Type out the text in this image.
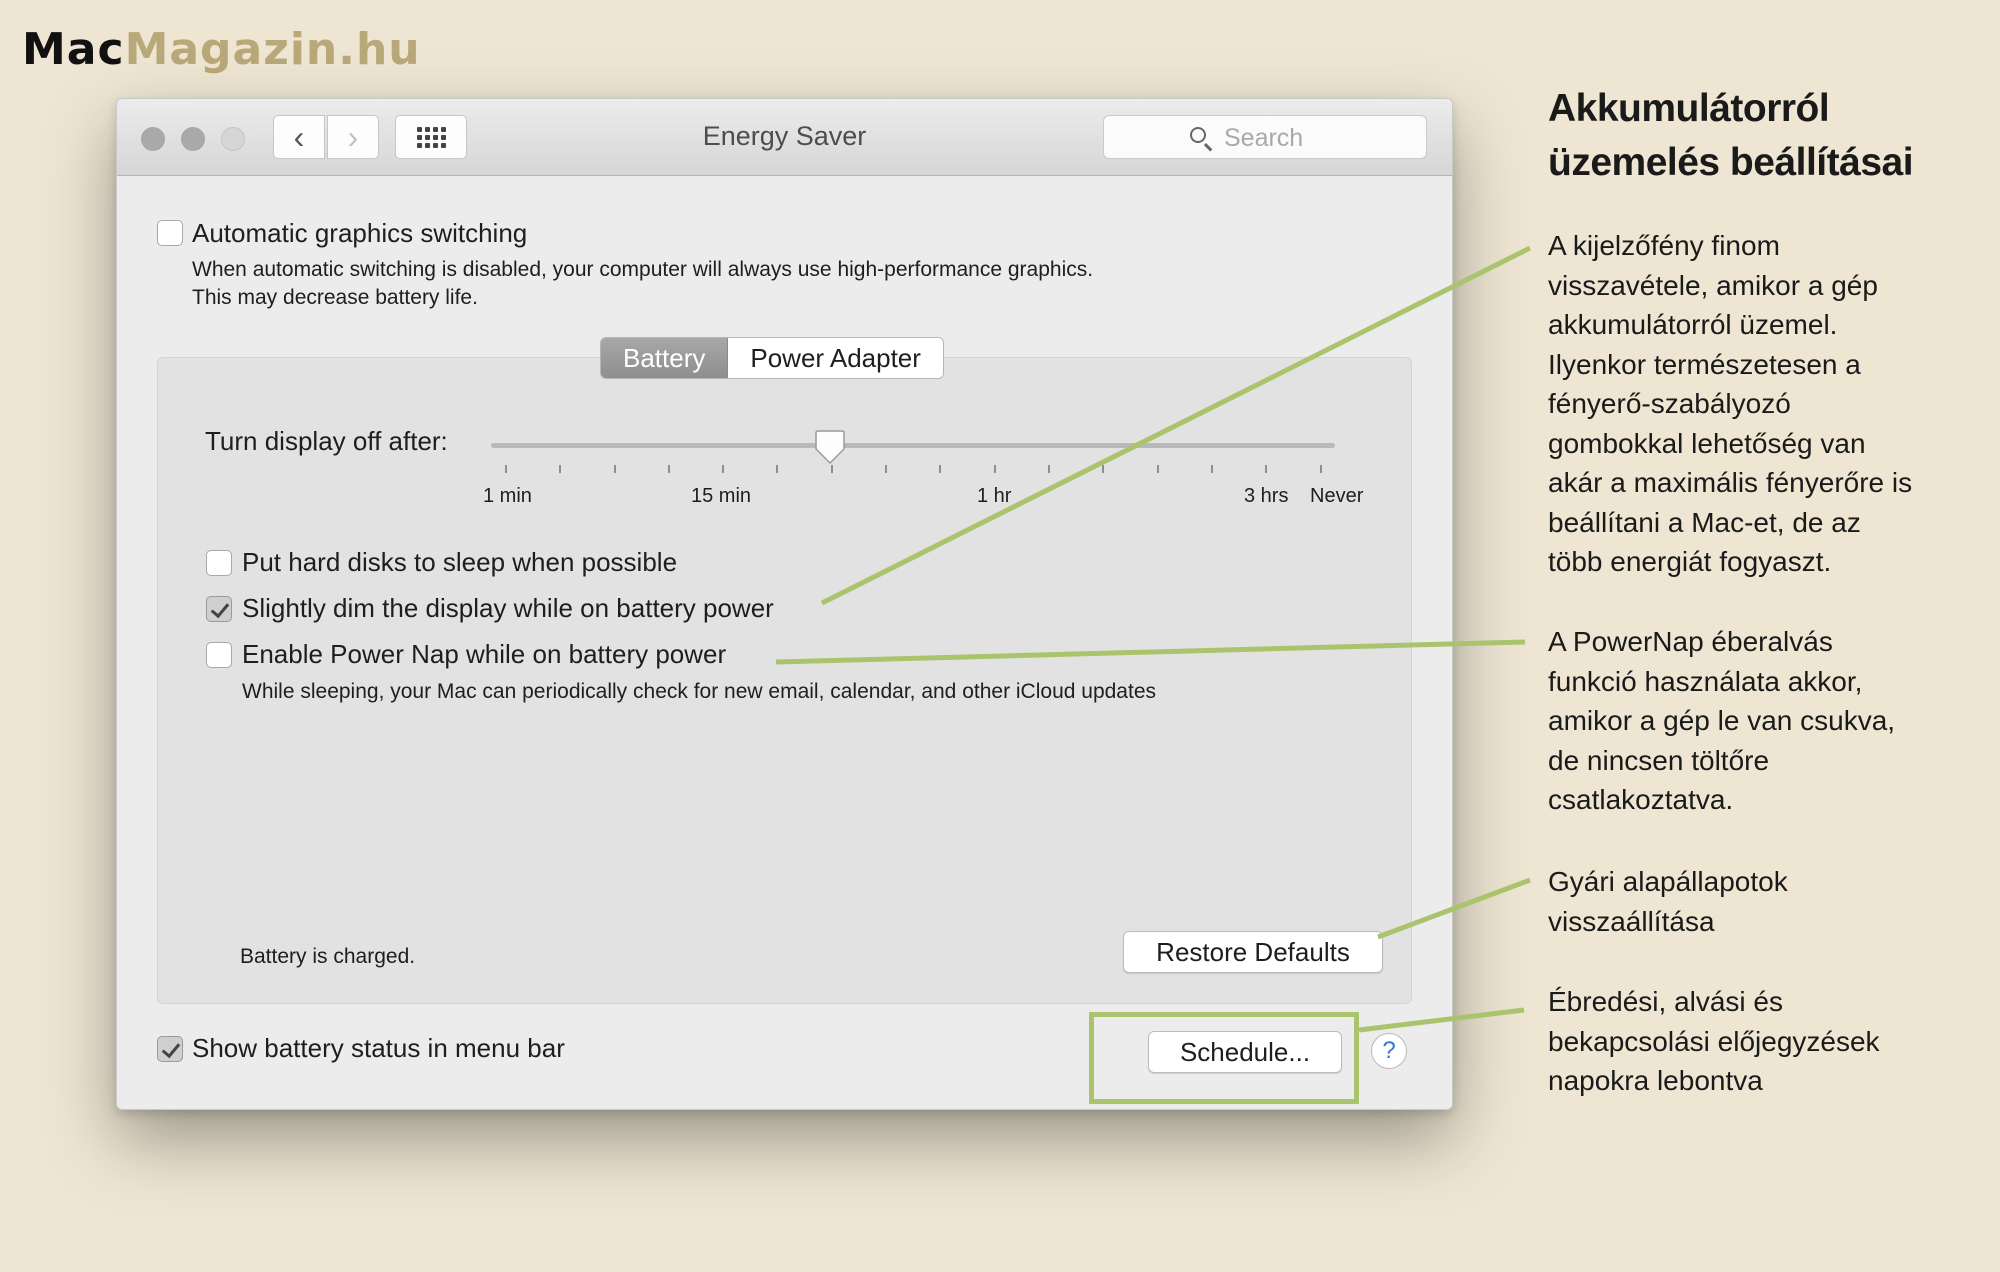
MacMagazin.hu
‹ ›	Energy Saver	Search
Automatic graphics switching
When automatic switching is disabled, your computer will always use high-performance graphics.
This may decrease battery life.
Battery	Power Adapter
Turn display off after:
1 min	15 min	1 hr	3 hrs Never
Put hard disks to sleep when possible
Slightly dim the display while on battery power
Enable Power Nap while on battery power
While sleeping, your Mac can periodically check for new email, calendar, and other iCloud updates
Battery is charged.	Restore Defaults
Show battery status in menu bar	Schedule...	?
Akkumulátorról
üzemelés beállításai
A kijelzőfény finom
visszavétele, amikor a gép
akkumulátorról üzemel.
Ilyenkor természetesen a
fényerő-szabályozó
gombokkal lehetőség van
akár a maximális fényerőre is
beállítani a Mac-et, de az
több energiát fogyaszt.
A PowerNap éberalvás
funkció használata akkor,
amikor a gép le van csukva,
de nincsen töltőre
csatlakoztatva.
Gyári alapállapotok
visszaállítása
Ébredési, alvási és
bekapcsolási előjegyzések
napokra lebontva
